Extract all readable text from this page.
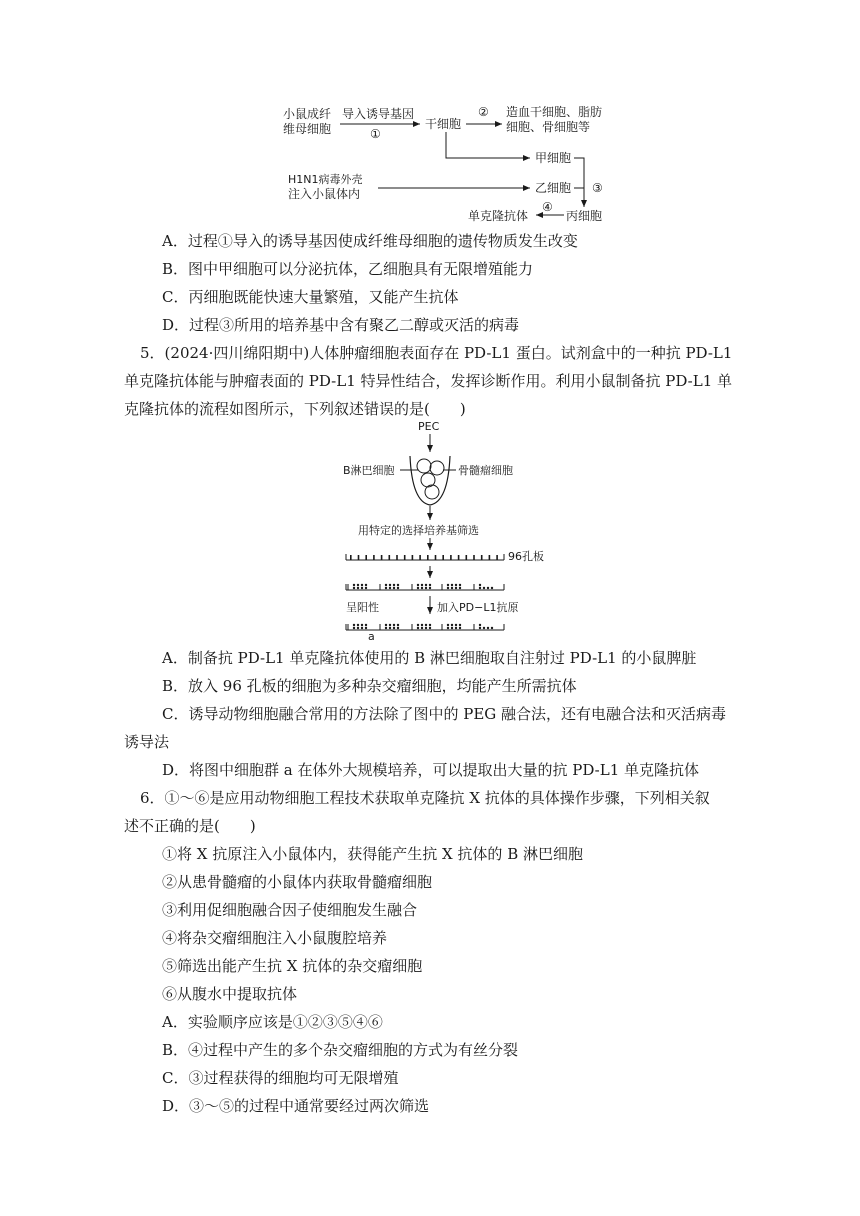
小鼠成纤
维母细胞
导入诱导基因
①
干细胞
② 造血干细胞、脂肪
细胞、骨细胞等
甲细胞
H1N1病毒外壳
注入小鼠体内	乙细胞 ③
丙细胞
④
单克隆抗体
A．过程①导入的诱导基因使成纤维母细胞的遗传物质发生改变
B．图中甲细胞可以分泌抗体，乙细胞具有无限增殖能力
C．丙细胞既能快速大量繁殖，又能产生抗体
D．过程③所用的培养基中含有聚乙二醇或灭活的病毒
5．(2024·四川绵阳期中)人体肿瘤细胞表面存在 PD-L1 蛋白。试剂盒中的一种抗 PD-L1
单克隆抗体能与肿瘤表面的 PD-L1 特异性结合，发挥诊断作用。利用小鼠制备抗 PD-L1 单
克隆抗体的流程如图所示，下列叙述错误的是(　　)
PEC
B淋巴细胞	骨髓瘤细胞
用特定的选择培养基筛选
96孔板
呈阳性	加入PD−L1抗原
a
A．制备抗 PD-L1 单克隆抗体使用的 B 淋巴细胞取自注射过 PD-L1 的小鼠脾脏
B．放入 96 孔板的细胞为多种杂交瘤细胞，均能产生所需抗体
C．诱导动物细胞融合常用的方法除了图中的 PEG 融合法，还有电融合法和灭活病毒
诱导法
D．将图中细胞群 a 在体外大规模培养，可以提取出大量的抗 PD-L1 单克隆抗体
6．①～⑥是应用动物细胞工程技术获取单克隆抗 X 抗体的具体操作步骤，下列相关叙
述不正确的是(　　)
①将 X 抗原注入小鼠体内，获得能产生抗 X 抗体的 B 淋巴细胞
②从患骨髓瘤的小鼠体内获取骨髓瘤细胞
③利用促细胞融合因子使细胞发生融合
④将杂交瘤细胞注入小鼠腹腔培养
⑤筛选出能产生抗 X 抗体的杂交瘤细胞
⑥从腹水中提取抗体
A．实验顺序应该是①②③⑤④⑥
B．④过程中产生的多个杂交瘤细胞的方式为有丝分裂
C．③过程获得的细胞均可无限增殖
D．③～⑤的过程中通常要经过两次筛选
